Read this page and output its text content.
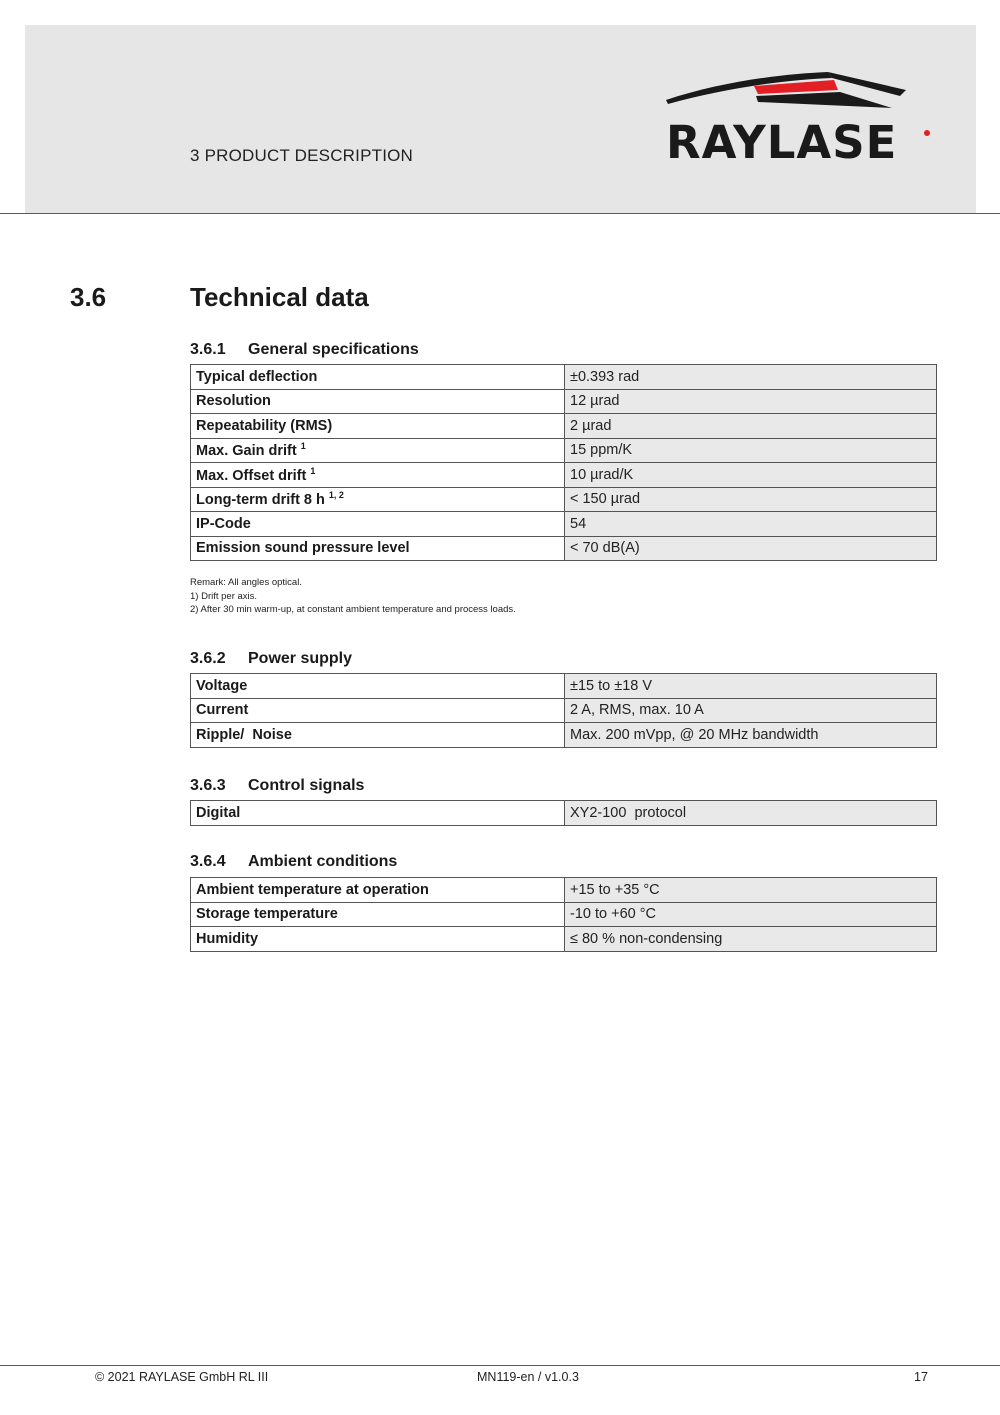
3 PRODUCT DESCRIPTION	RAYLASE
3.6	Technical data
3.6.1 General specifications
Typical deflection	±0.393 rad
Resolution	12 µrad
Repeatability (RMS)	2 µrad
Max. Gain drift $^1$	15 ppm/K
Max. Offset drift $^1$	10 µrad/K
Long-term drift 8 h $^{1, 2}$	< 150 µrad
IP-Code	54
Emission sound pressure level	< 70 dB(A)
Remark: All angles optical.
1) Drift per axis.
2) After 30 min warm-up, at constant ambient temperature and process loads.
3.6.2 Power supply
Voltage	±15 to ±18 V
Current	2 A, RMS, max. 10 A
Ripple/  Noise	Max. 200 mVpp, @ 20 MHz bandwidth
3.6.3 Control signals
Digital	XY2-100  protocol
3.6.4 Ambient conditions
Ambient temperature at operation	+15 to +35 °C
Storage temperature	-10 to +60 °C
Humidity	≤ 80 % non-condensing
© 2021 RAYLASE GmbH RL III	MN119-en / v1.0.3	17
